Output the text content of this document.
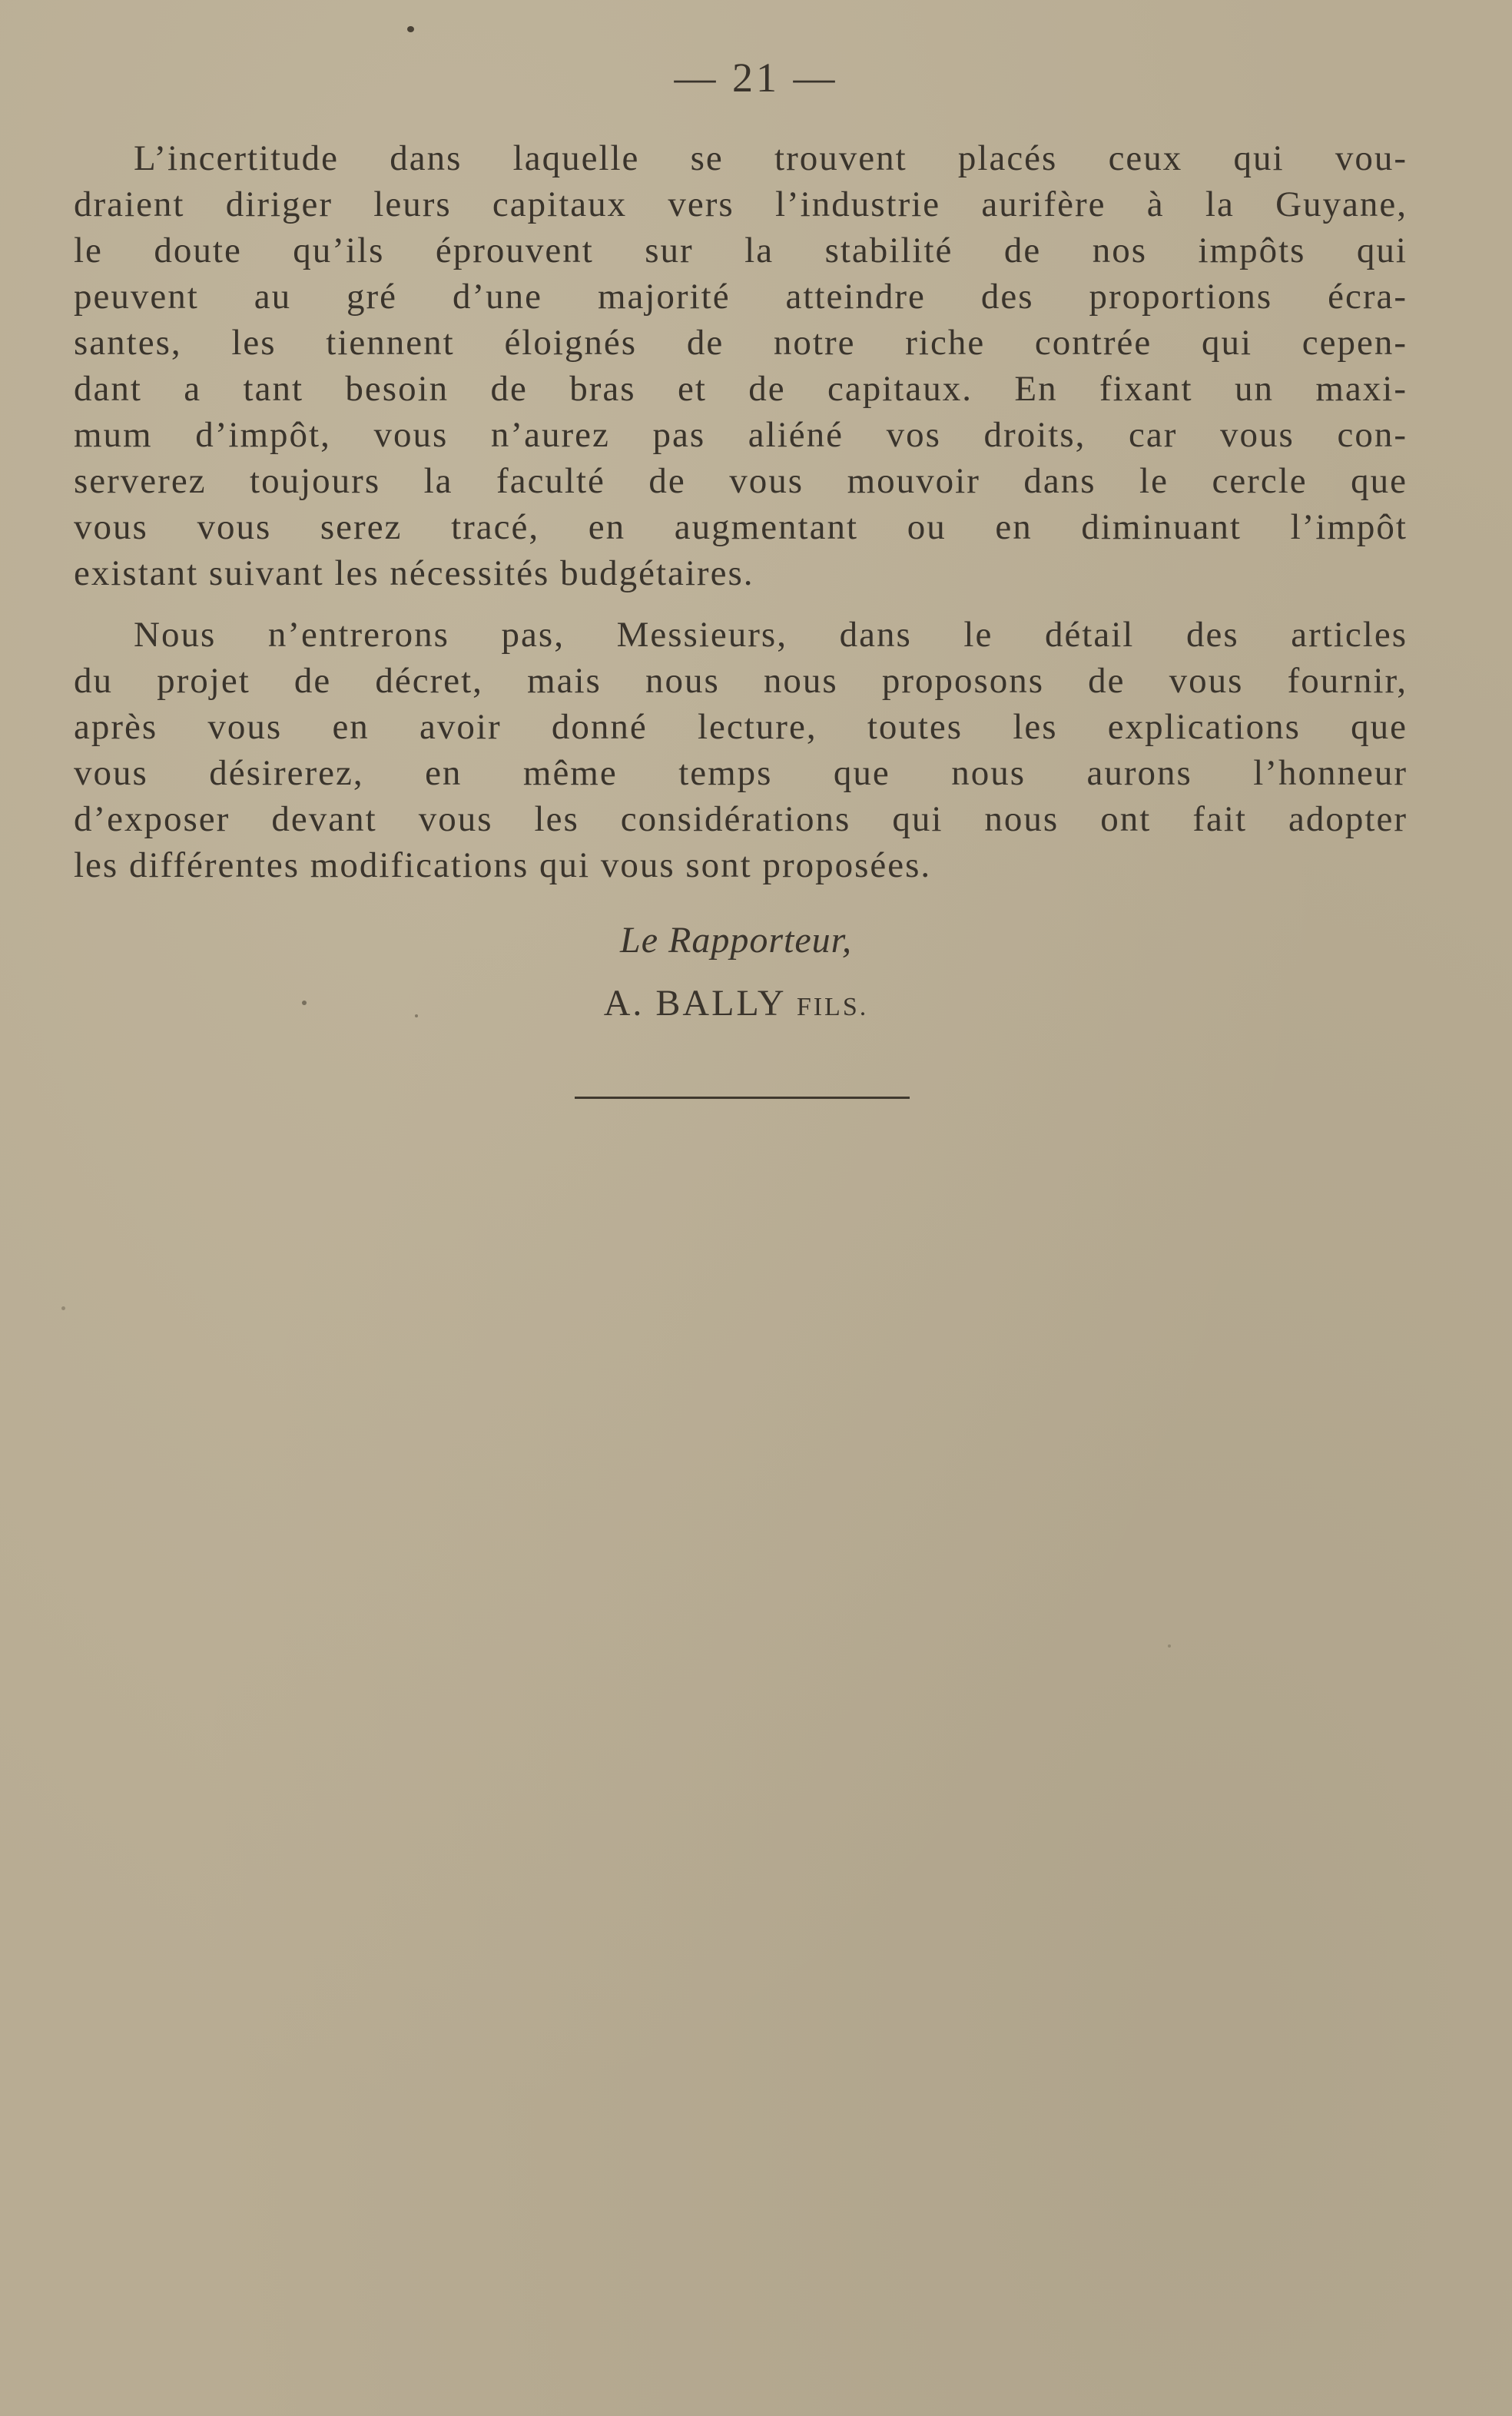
— 21 —
L’incertitude dans laquelle se trouvent placés ceux qui vou-
draient diriger leurs capitaux vers l’industrie aurifère à la Guyane,
le doute qu’ils éprouvent sur la stabilité de nos impôts qui
peuvent au gré d’une majorité atteindre des proportions écra-
santes, les tiennent éloignés de notre riche contrée qui cepen-
dant a tant besoin de bras et de capitaux. En fixant un maxi-
mum d’impôt, vous n’aurez pas aliéné vos droits, car vous con-
serverez toujours la faculté de vous mouvoir dans le cercle que
vous vous serez tracé, en augmentant ou en diminuant l’impôt
existant suivant les nécessités budgétaires.
Nous n’entrerons pas, Messieurs, dans le détail des articles
du projet de décret, mais nous nous proposons de vous fournir,
après vous en avoir donné lecture, toutes les explications que
vous désirerez, en même temps que nous aurons l’honneur
d’exposer devant vous les considérations qui nous ont fait adopter
les différentes modifications qui vous sont proposées.
Le Rapporteur,
A. BALLY FILS.
